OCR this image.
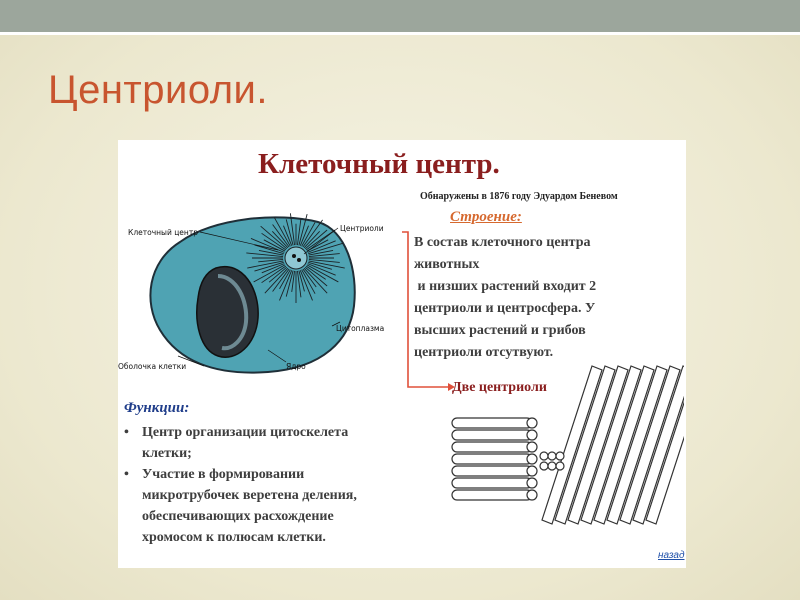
Центриоли.
Клеточный центр.
Обнаружены в 1876 году Эдуардом Беневом
Клеточный центр	Центриоли
Цитоплазма
Оболочка клетки	Ядро
Строение:
В состав клеточного центра
животных
и низших растений входит 2
центриоли и центросфера. У
высших растений и грибов
центриоли отсутвуют.
Две центриоли
Функции:
• Центр организации цитоскелета
клетки;
• Участие в формировании
микротрубочек веретена деления,
обеспечивающих расхождение
хромосом к полюсам клетки.
назад
